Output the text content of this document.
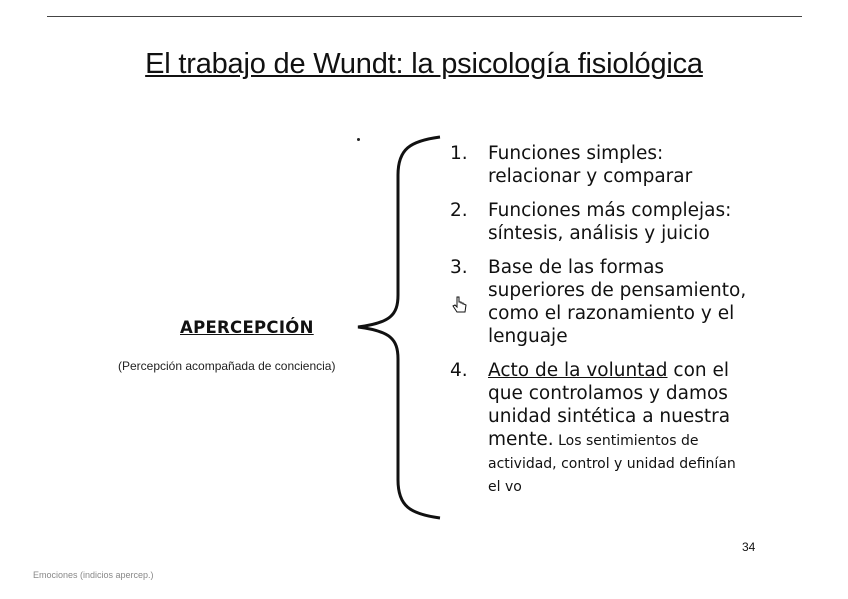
El trabajo de Wundt: la psicología fisiológica
APERCEPCIÓN
(Percepción acompañada de conciencia)
1. Funciones simples: relacionar y comparar
2. Funciones más complejas: síntesis, análisis y juicio
3. Base de las formas superiores de pensamiento, como el razonamiento y el lenguaje
4. Acto de la voluntad con el que controlamos y damos unidad sintética a nuestra mente. Los sentimientos de actividad, control y unidad definían el vo
34
Emociones (indicios apercep.)
